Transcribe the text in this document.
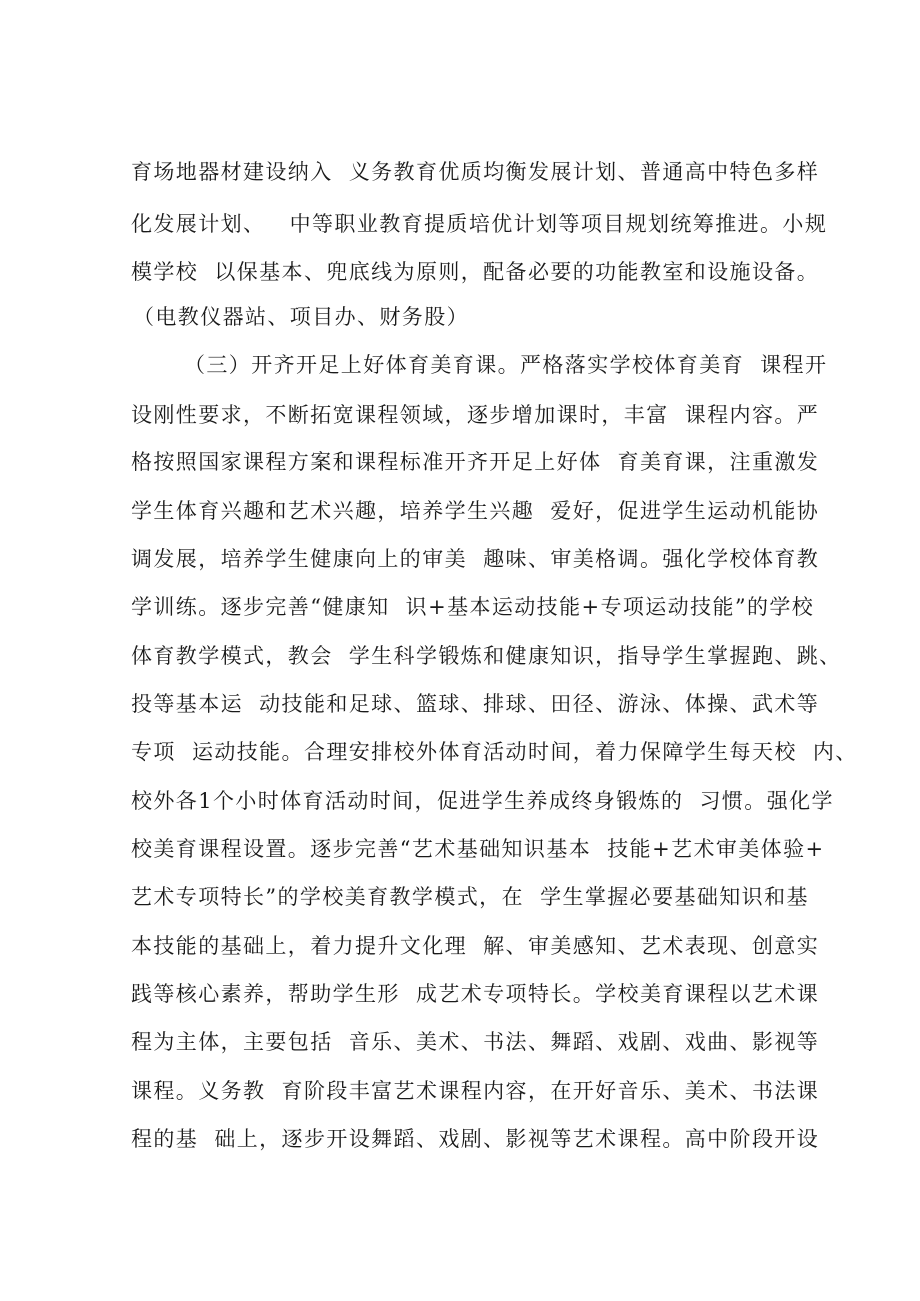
育场地器材建设纳入  义务教育优质均衡发展计划、普通高中特色多样
化发展计划、   中等职业教育提质培优计划等项目规划统筹推进。小规
模学校  以保基本、兜底线为原则，配备必要的功能教室和设施设备。
（电教仪器站、项目办、财务股）
（三）开齐开足上好体育美育课。严格落实学校体育美育  课程开
设刚性要求，不断拓宽课程领域，逐步增加课时，丰富  课程内容。严
格按照国家课程方案和课程标准开齐开足上好体  育美育课，注重激发
学生体育兴趣和艺术兴趣，培养学生兴趣  爱好，促进学生运动机能协
调发展，培养学生健康向上的审美  趣味、审美格调。强化学校体育教
学训练。逐步完善“健康知  识+基本运动技能+专项运动技能”的学校
体育教学模式，教会  学生科学锻炼和健康知识，指导学生掌握跑、跳、
投等基本运  动技能和足球、篮球、排球、田径、游泳、体操、武术等
专项  运动技能。合理安排校外体育活动时间，着力保障学生每天校  内、
校外各1个小时体育活动时间，促进学生养成终身锻炼的  习惯。强化学
校美育课程设置。逐步完善“艺术基础知识基本  技能+艺术审美体验+
艺术专项特长”的学校美育教学模式，在  学生掌握必要基础知识和基
本技能的基础上，着力提升文化理  解、审美感知、艺术表现、创意实
践等核心素养，帮助学生形  成艺术专项特长。学校美育课程以艺术课
程为主体，主要包括  音乐、美术、书法、舞蹈、戏剧、戏曲、影视等
课程。义务教  育阶段丰富艺术课程内容，在开好音乐、美术、书法课
程的基  础上，逐步开设舞蹈、戏剧、影视等艺术课程。高中阶段开设
